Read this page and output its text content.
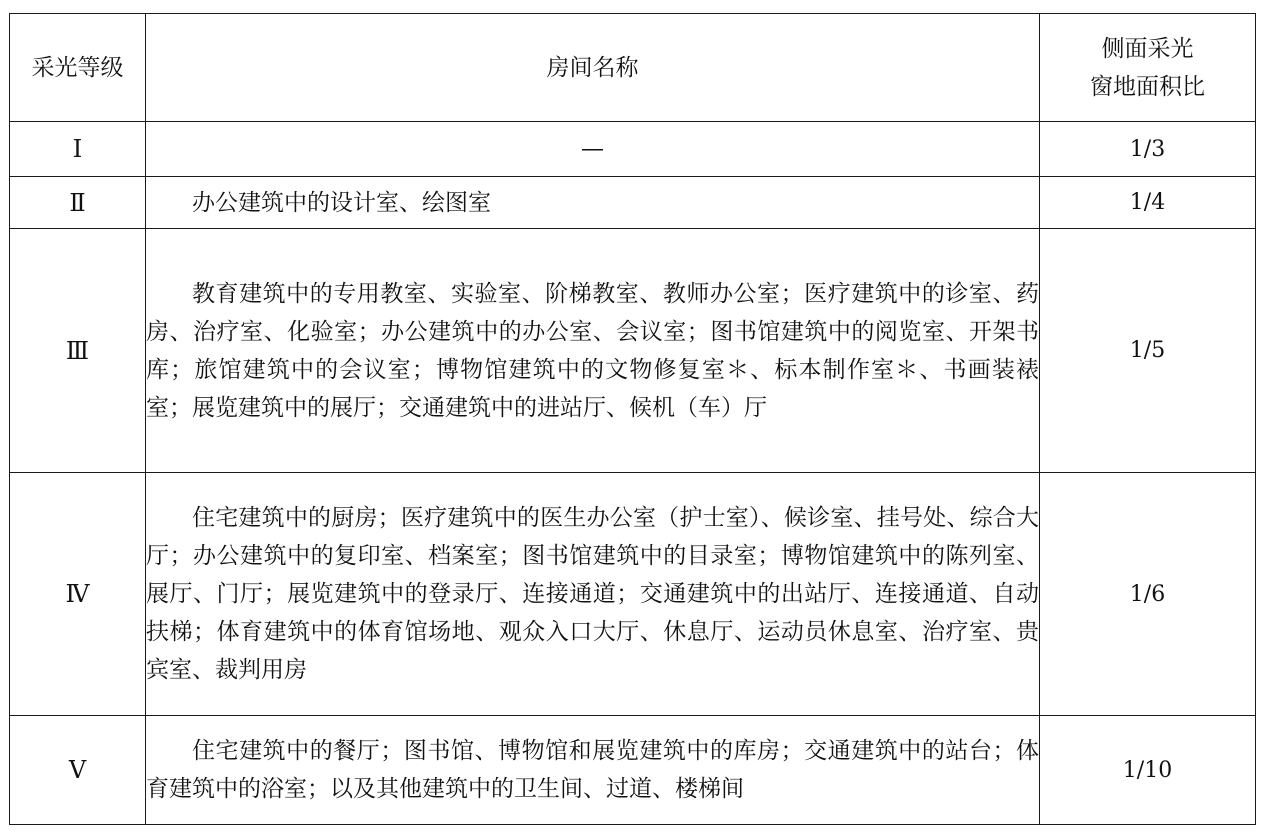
采光等级	房间名称	侧面采光
窗地面积比

Ⅰ	—	1/3
Ⅱ	办公建筑中的设计室、绘图室	1/4
Ⅲ	教育建筑中的专用教室、实验室、阶梯教室、教师办公室；医疗建筑中的诊室、药房、治疗室、化验室；办公建筑中的办公室、会议室；图书馆建筑中的阅览室、开架书库；旅馆建筑中的会议室；博物馆建筑中的文物修复室＊、标本制作室＊、书画装裱室；展览建筑中的展厅；交通建筑中的进站厅、候机（车）厅	1/5
Ⅳ	住宅建筑中的厨房；医疗建筑中的医生办公室（护士室）、候诊室、挂号处、综合大厅；办公建筑中的复印室、档案室；图书馆建筑中的目录室；博物馆建筑中的陈列室、展厅、门厅；展览建筑中的登录厅、连接通道；交通建筑中的出站厅、连接通道、自动扶梯；体育建筑中的体育馆场地、观众入口大厅、休息厅、运动员休息室、治疗室、贵宾室、裁判用房	1/6
Ⅴ	住宅建筑中的餐厅；图书馆、博物馆和展览建筑中的库房；交通建筑中的站台；体育建筑中的浴室；以及其他建筑中的卫生间、过道、楼梯间	1/10
